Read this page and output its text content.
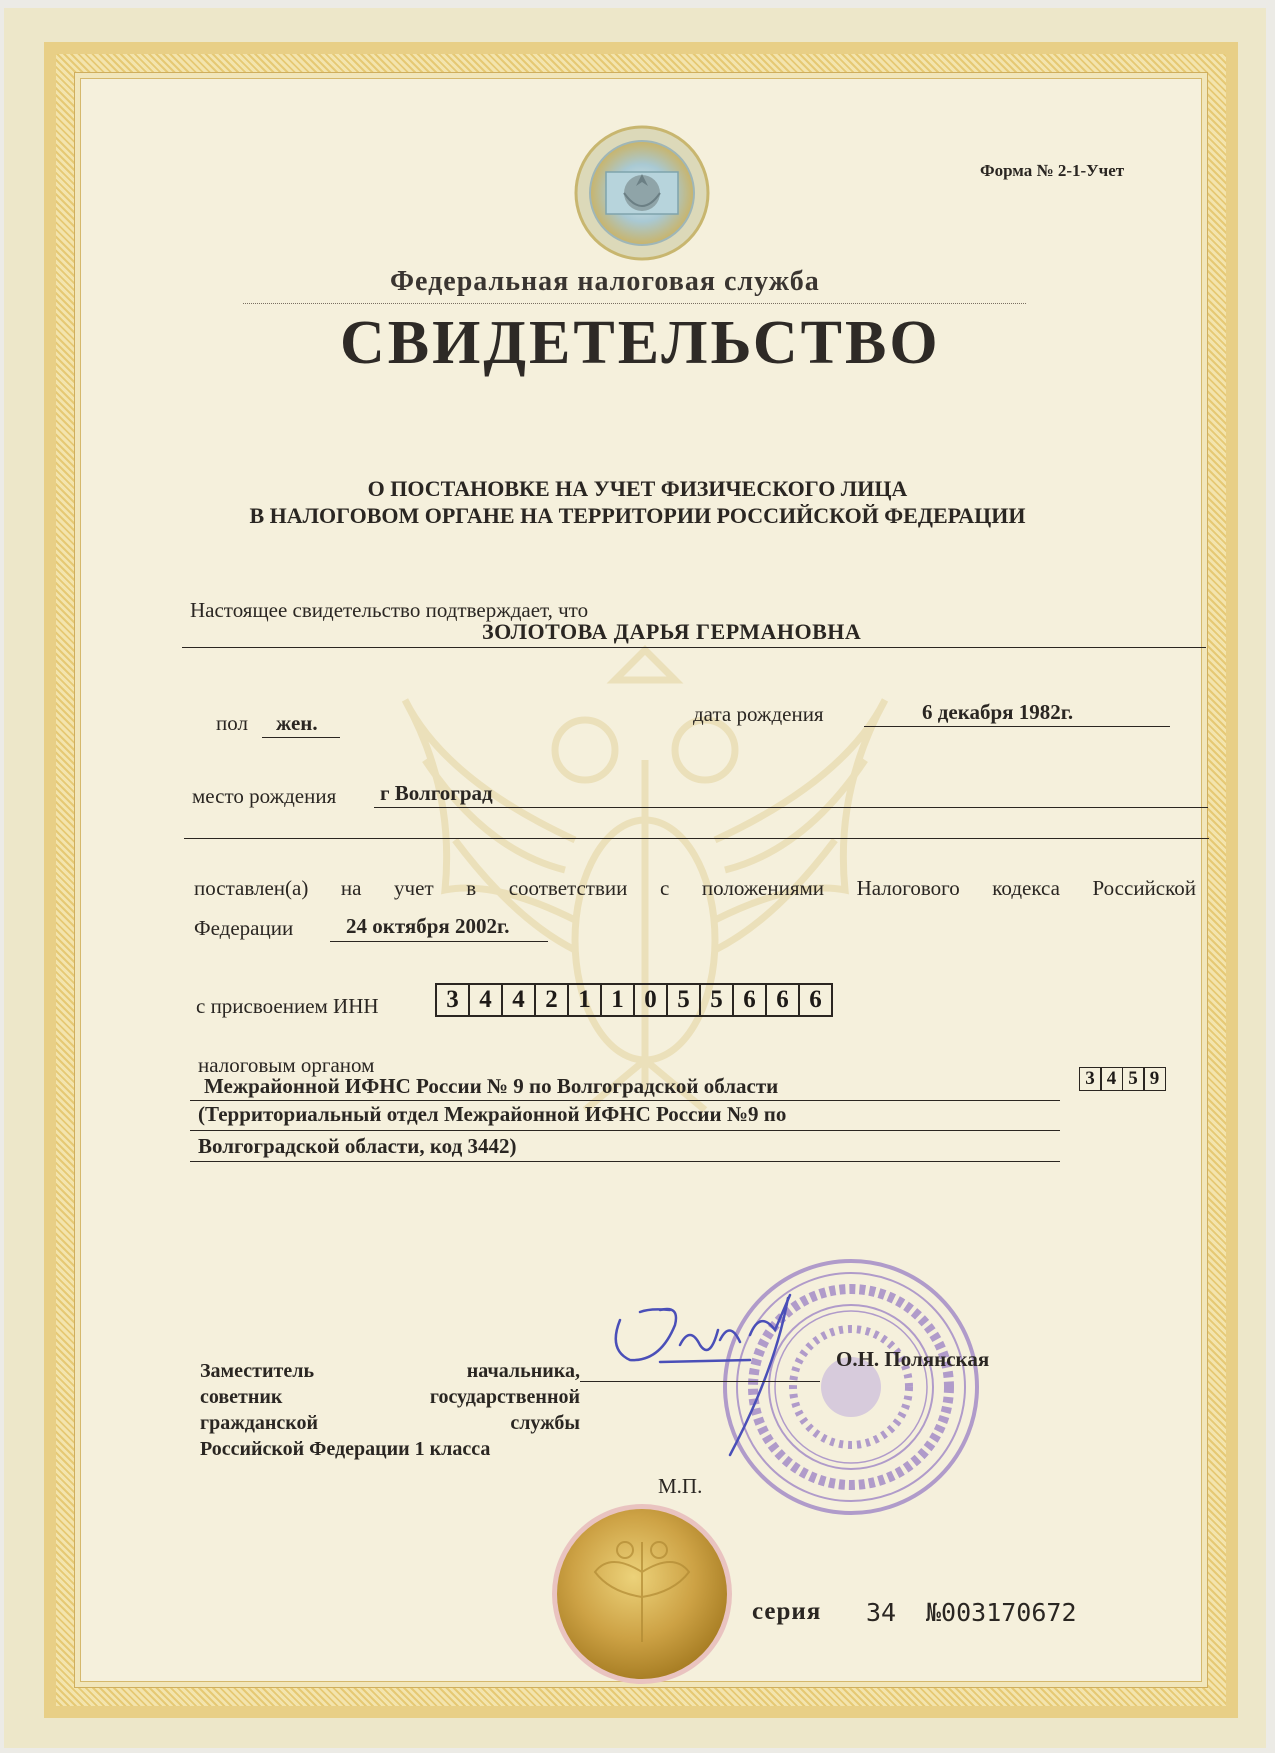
Форма № 2-1-Учет
Федеральная налоговая служба
СВИДЕТЕЛЬСТВО
О ПОСТАНОВКЕ НА УЧЕТ ФИЗИЧЕСКОГО ЛИЦА
В НАЛОГОВОМ ОРГАНЕ НА ТЕРРИТОРИИ РОССИЙСКОЙ ФЕДЕРАЦИИ
Настоящее свидетельство подтверждает, что
ЗОЛОТОВА ДАРЬЯ ГЕРМАНОВНА
пол жен.	дата рождения	6 декабря 1982г.
место рождения г Волгоград
поставлен(а) на учет в соответствии с положениями Налогового кодекса Российской
Федерации	24 октября 2002г.
с присвоением ИНН	3 4 4 2 1 1 0 5 5 6 6 6
налоговым органом
Межрайонной ИФНС России № 9 по Волгоградской области
(Территориальный отдел Межрайонной ИФНС России №9 по
Волгоградской области, код 3442)
3 4 5 9
Заместитель	начальника,
советник	государственной
гражданской	службы
Российской Федерации 1 класса
О.Н. Полянская
М.П.
серия 34 №003170672
